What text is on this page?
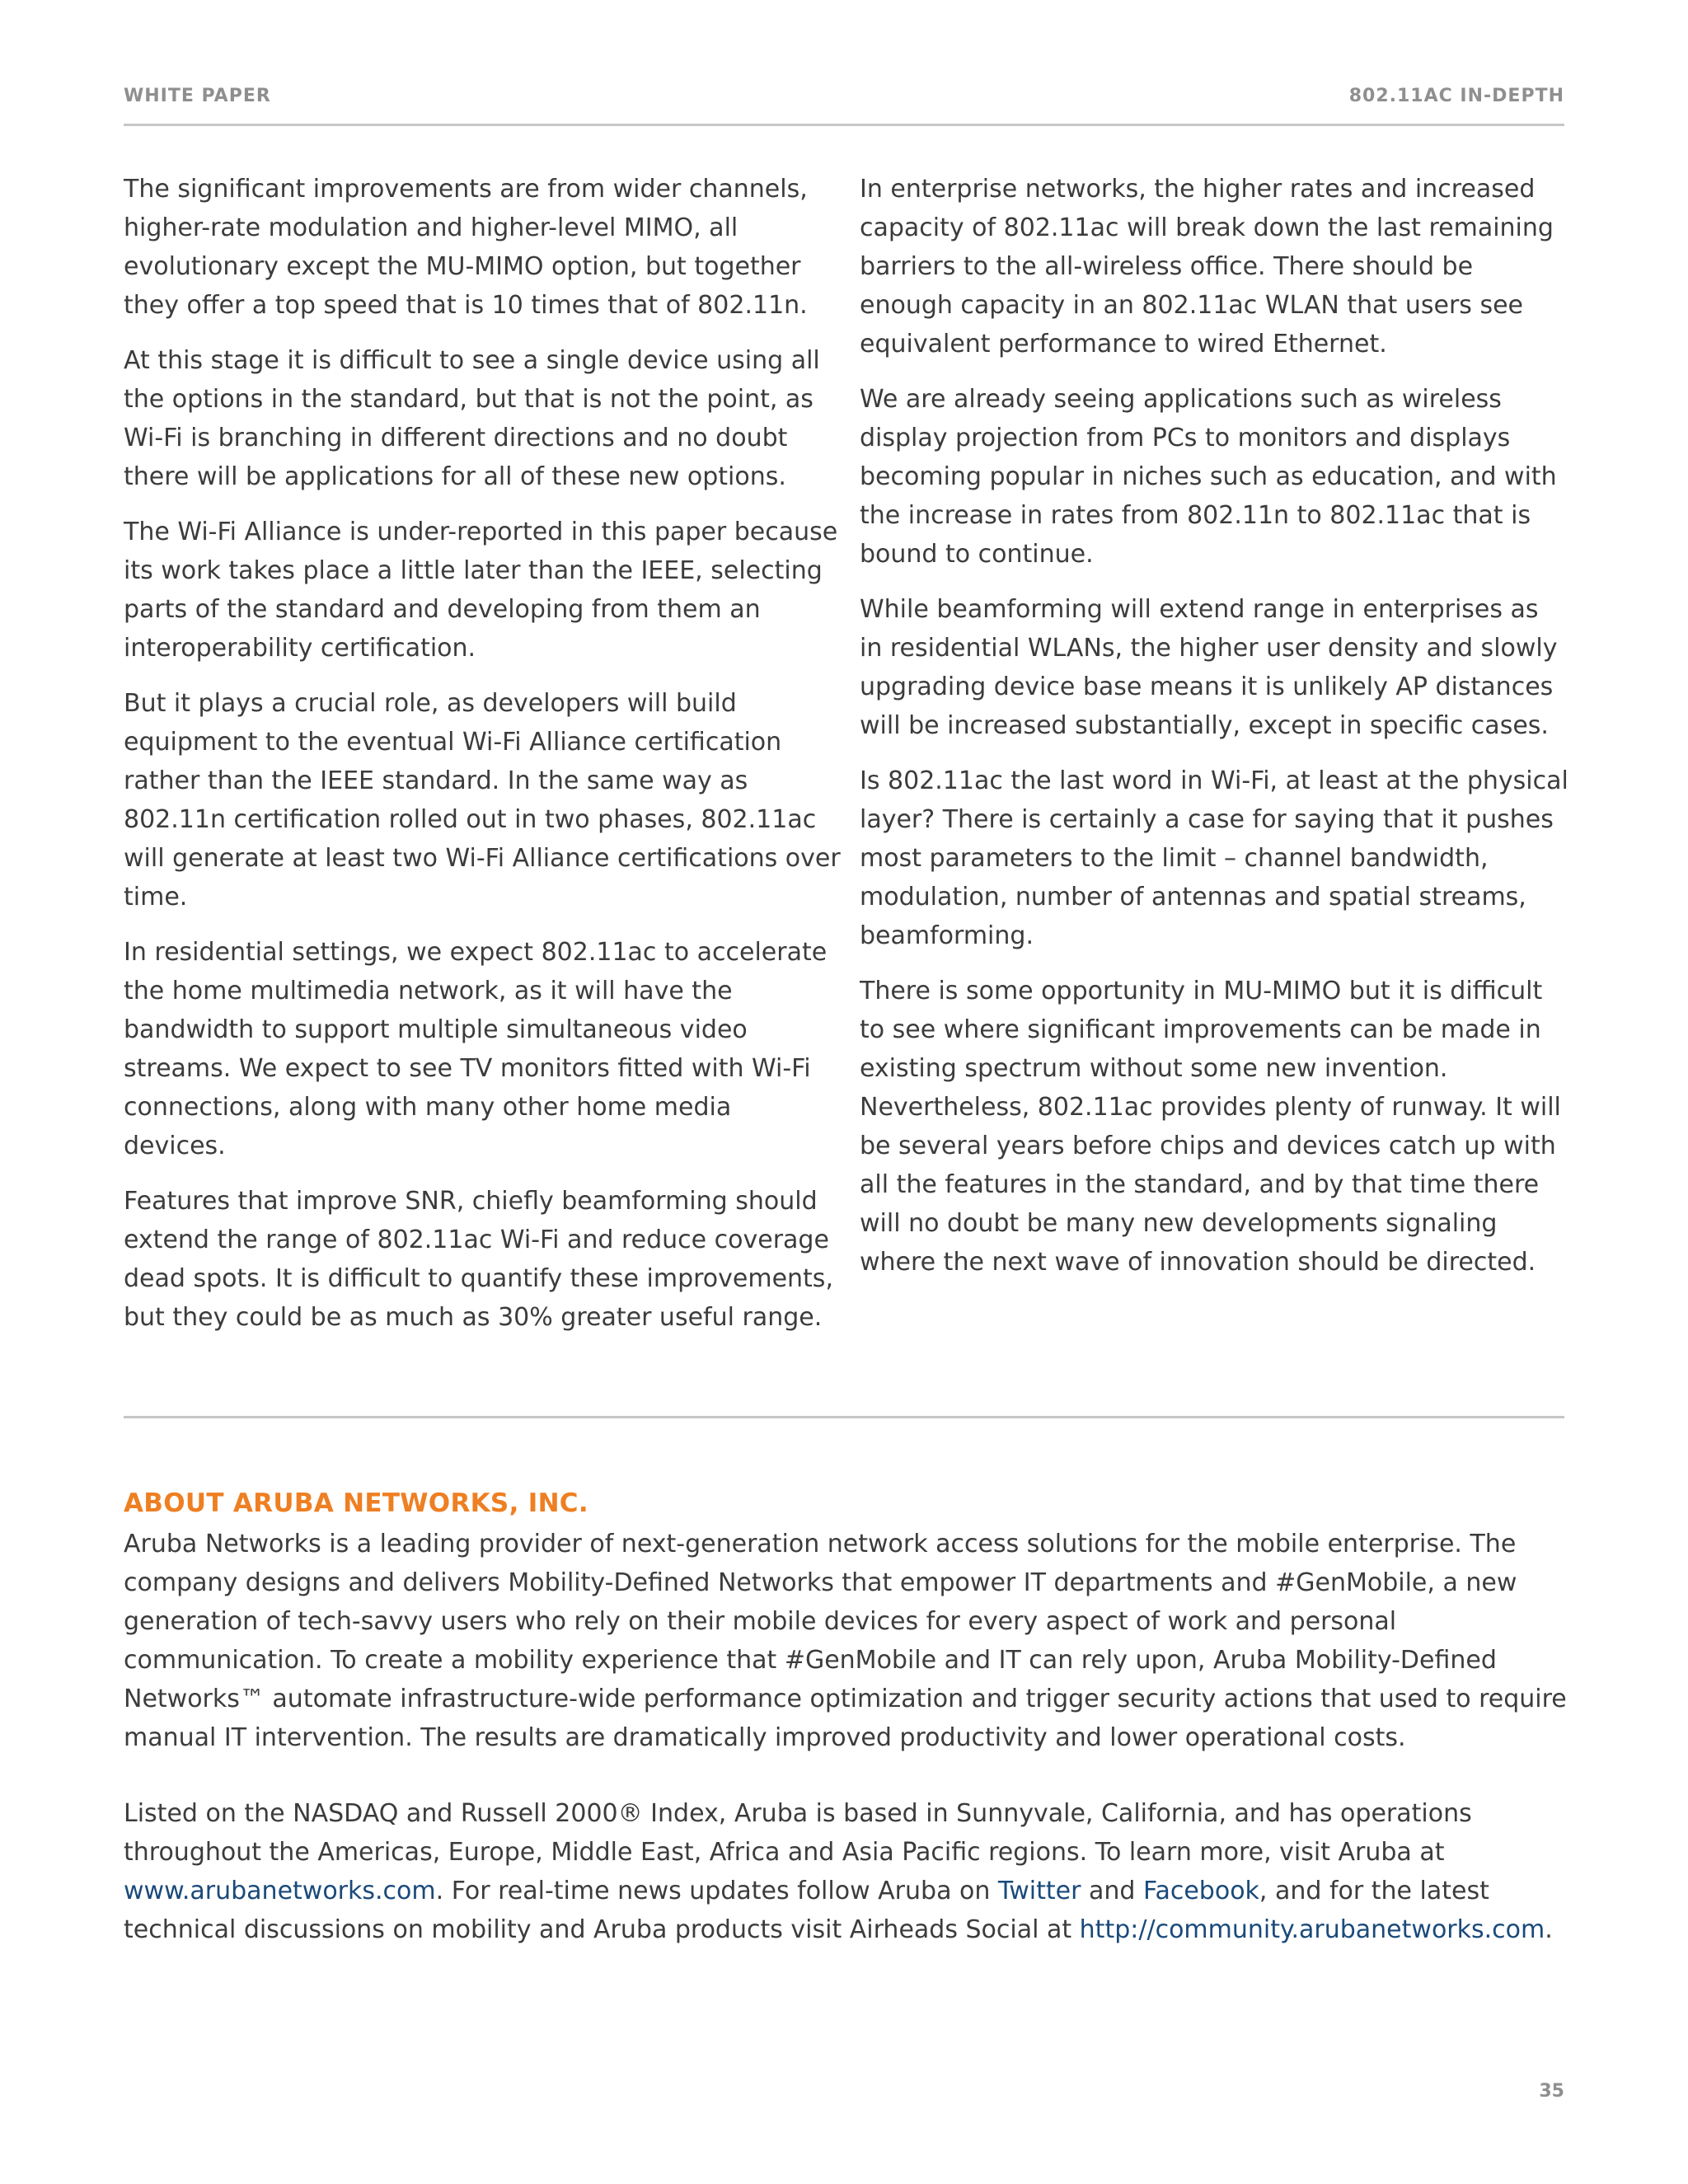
WHITE PAPER	802.11AC IN-DEPTH

The significant improvements are from wider channels, higher-rate modulation and higher-level MIMO, all evolutionary except the MU-MIMO option, but together they offer a top speed that is 10 times that of 802.11n.

At this stage it is difficult to see a single device using all the options in the standard, but that is not the point, as Wi-Fi is branching in different directions and no doubt there will be applications for all of these new options.

The Wi-Fi Alliance is under-reported in this paper because its work takes place a little later than the IEEE, selecting parts of the standard and developing from them an interoperability certification.

But it plays a crucial role, as developers will build equipment to the eventual Wi-Fi Alliance certification rather than the IEEE standard. In the same way as 802.11n certification rolled out in two phases, 802.11ac will generate at least two Wi-Fi Alliance certifications over time.

In residential settings, we expect 802.11ac to accelerate the home multimedia network, as it will have the bandwidth to support multiple simultaneous video streams. We expect to see TV monitors fitted with Wi-Fi connections, along with many other home media devices.

Features that improve SNR, chiefly beamforming should extend the range of 802.11ac Wi-Fi and reduce coverage dead spots. It is difficult to quantify these improvements, but they could be as much as 30% greater useful range.

In enterprise networks, the higher rates and increased capacity of 802.11ac will break down the last remaining barriers to the all-wireless office. There should be enough capacity in an 802.11ac WLAN that users see equivalent performance to wired Ethernet.

We are already seeing applications such as wireless display projection from PCs to monitors and displays becoming popular in niches such as education, and with the increase in rates from 802.11n to 802.11ac that is bound to continue.

While beamforming will extend range in enterprises as in residential WLANs, the higher user density and slowly upgrading device base means it is unlikely AP distances will be increased substantially, except in specific cases.

Is 802.11ac the last word in Wi-Fi, at least at the physical layer? There is certainly a case for saying that it pushes most parameters to the limit – channel bandwidth, modulation, number of antennas and spatial streams, beamforming.

There is some opportunity in MU-MIMO but it is difficult to see where significant improvements can be made in existing spectrum without some new invention. Nevertheless, 802.11ac provides plenty of runway. It will be several years before chips and devices catch up with all the features in the standard, and by that time there will no doubt be many new developments signaling where the next wave of innovation should be directed.

ABOUT ARUBA NETWORKS, INC.

Aruba Networks is a leading provider of next-generation network access solutions for the mobile enterprise. The company designs and delivers Mobility-Defined Networks that empower IT departments and #GenMobile, a new generation of tech-savvy users who rely on their mobile devices for every aspect of work and personal communication. To create a mobility experience that #GenMobile and IT can rely upon, Aruba Mobility-Defined Networks™ automate infrastructure-wide performance optimization and trigger security actions that used to require manual IT intervention. The results are dramatically improved productivity and lower operational costs.

Listed on the NASDAQ and Russell 2000® Index, Aruba is based in Sunnyvale, California, and has operations throughout the Americas, Europe, Middle East, Africa and Asia Pacific regions. To learn more, visit Aruba at www.arubanetworks.com. For real-time news updates follow Aruba on Twitter and Facebook, and for the latest technical discussions on mobility and Aruba products visit Airheads Social at http://community.arubanetworks.com.

35
